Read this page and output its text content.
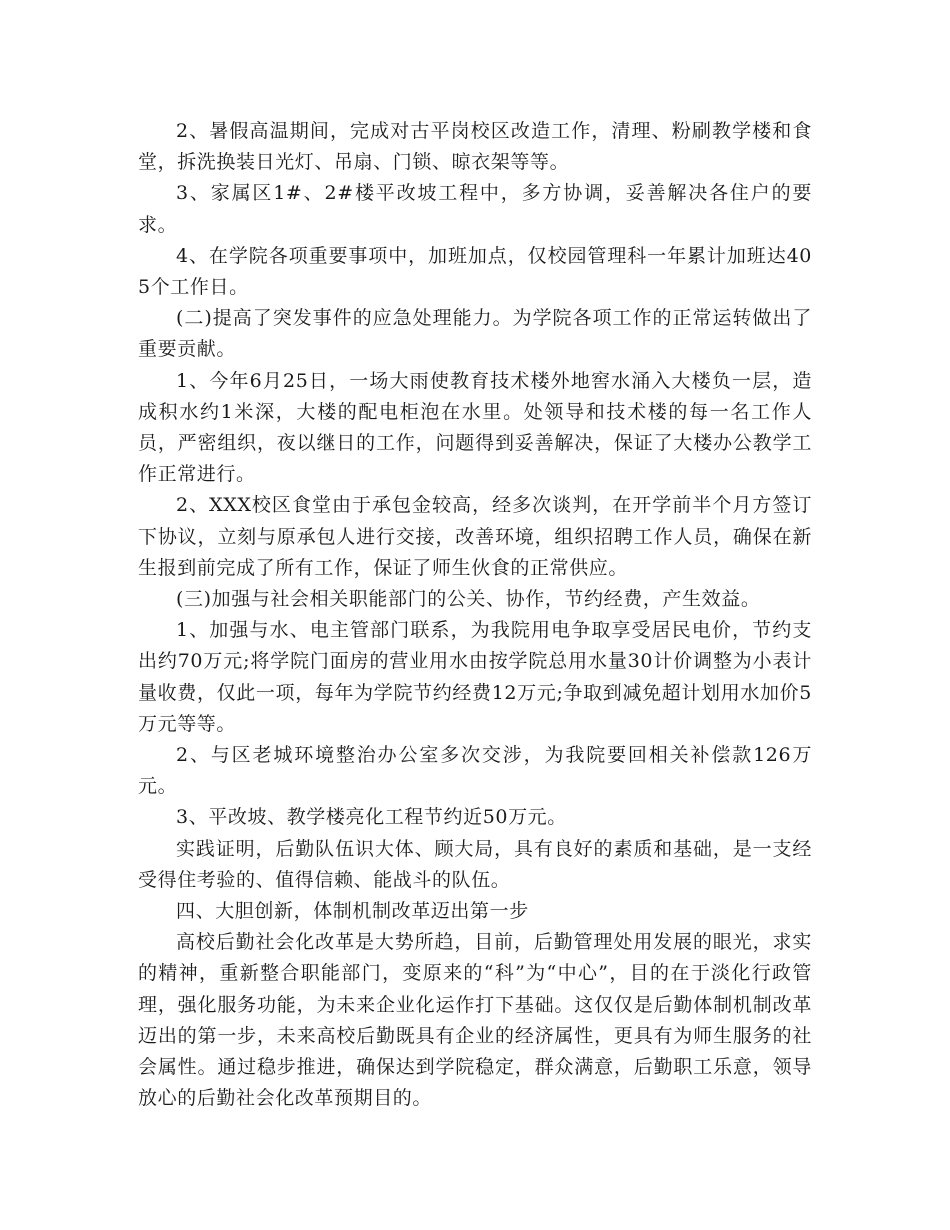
2、暑假高温期间，完成对古平岗校区改造工作，清理、粉刷教学楼和食堂，拆洗换装日光灯、吊扇、门锁、晾衣架等等。

3、家属区1#、2#楼平改坡工程中，多方协调，妥善解决各住户的要求。

4、在学院各项重要事项中，加班加点，仅校园管理科一年累计加班达405个工作日。

(二)提高了突发事件的应急处理能力。为学院各项工作的正常运转做出了重要贡献。

1、今年6月25日，一场大雨使教育技术楼外地窖水涌入大楼负一层，造成积水约1米深，大楼的配电柜泡在水里。处领导和技术楼的每一名工作人员，严密组织，夜以继日的工作，问题得到妥善解决，保证了大楼办公教学工作正常进行。

2、XXX校区食堂由于承包金较高，经多次谈判，在开学前半个月方签订下协议，立刻与原承包人进行交接，改善环境，组织招聘工作人员，确保在新生报到前完成了所有工作，保证了师生伙食的正常供应。

(三)加强与社会相关职能部门的公关、协作，节约经费，产生效益。

1、加强与水、电主管部门联系，为我院用电争取享受居民电价，节约支出约70万元;将学院门面房的营业用水由按学院总用水量30计价调整为小表计量收费，仅此一项，每年为学院节约经费12万元;争取到减免超计划用水加价5万元等等。

2、与区老城环境整治办公室多次交涉，为我院要回相关补偿款126万元。

3、平改坡、教学楼亮化工程节约近50万元。

实践证明，后勤队伍识大体、顾大局，具有良好的素质和基础，是一支经受得住考验的、值得信赖、能战斗的队伍。

四、大胆创新，体制机制改革迈出第一步

高校后勤社会化改革是大势所趋，目前，后勤管理处用发展的眼光，求实的精神，重新整合职能部门，变原来的“科”为“中心”，目的在于淡化行政管理，强化服务功能，为未来企业化运作打下基础。这仅仅是后勤体制机制改革迈出的第一步，未来高校后勤既具有企业的经济属性，更具有为师生服务的社会属性。通过稳步推进，确保达到学院稳定，群众满意，后勤职工乐意，领导放心的后勤社会化改革预期目的。
